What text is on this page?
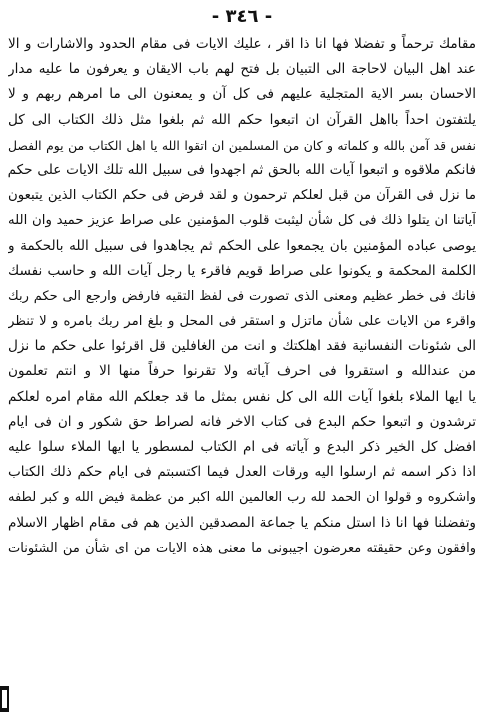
- ٣٤٦ -
مقامك ترحماً و تفضلا فها انا ذا اقر ، عليك الايات فى مقام الحدود والاشارات و الا
عند اهل البيان لاحاجة الى التبيان بل فتح لهم باب الايقان و يعرفون ما عليه مدار
الاحسان بسر الاية المتجلية عليهم فى كل آن و يمعنون الى ما امرهم ربهم و لا
يلتفتون احداً بااهل القرآن ان اتبعوا حكم الله ثم بلغوا مثل ذلك الكتاب الى كل
نفس قد آمن بالله و كلماته و كان من المسلمين ان اتقوا الله يا اهل الكتاب من يوم الفصل
فانكم ملاقوه و اتبعوا آيات الله بالحق ثم اجهدوا فى سبيل الله تلك الايات على حكم
ما نزل فى القرآن من قبل لعلكم ترحمون و لقد فرض فى حكم الكتاب الذين يتبعون
آياتنا ان يتلوا ذلك فى كل شأن ليثبت قلوب المؤمنين على صراط عزيز حميد وان الله
يوصى عباده المؤمنين بان يجمعوا على الحكم ثم يجاهدوا فى سبيل الله بالحكمة و
الكلمة المحكمة و يكونوا على صراط قويم فاقرء يا رجل آيات الله و حاسب نفسك
فانك فى خطر عظيم ومعنى الذى تصورت فى لفظ التقيه فارفض وارجع الى حكم ربك
واقرء من الايات على شأن ماتزل و استقر فى المحل و بلغ امر ربك بامره و لا تنظر
الى شئونات النفسانية فقد اهلكتك و انت من الغافلين قل اقرئوا على حكم ما نزل
من عندالله و استقروا فى احرف آياته ولا تقرنوا حرفاً منها الا و انتم تعلمون
يا ايها الملاء بلغوا آيات الله الى كل نفس بمثل ما قد جعلكم الله مقام امره لعلكم
ترشدون و اتبعوا حكم البدع فى كتاب الاخر فانه لصراط حق شكور و ان فى ايام
افضل كل الخير ذكر البدع و آياته فى ام الكتاب لمسطور يا ايها الملاء سلوا عليه
اذا ذكر اسمه ثم ارسلوا اليه ورقات العدل فيما اكتسبتم فى ايام حكم ذلك الكتاب
واشكروه و قولوا ان الحمد لله رب العالمين الله اكبر من عظمة فيض الله و كبر لطفه
وتفضلنا فها انا ذا استل منكم يا جماعة المصدقين الذين هم فى مقام اظهار الاسلام
وافقون وعن حقيقته معرضون اجيبونى ما معنى هذه الايات من اى شأن من الشئونات
